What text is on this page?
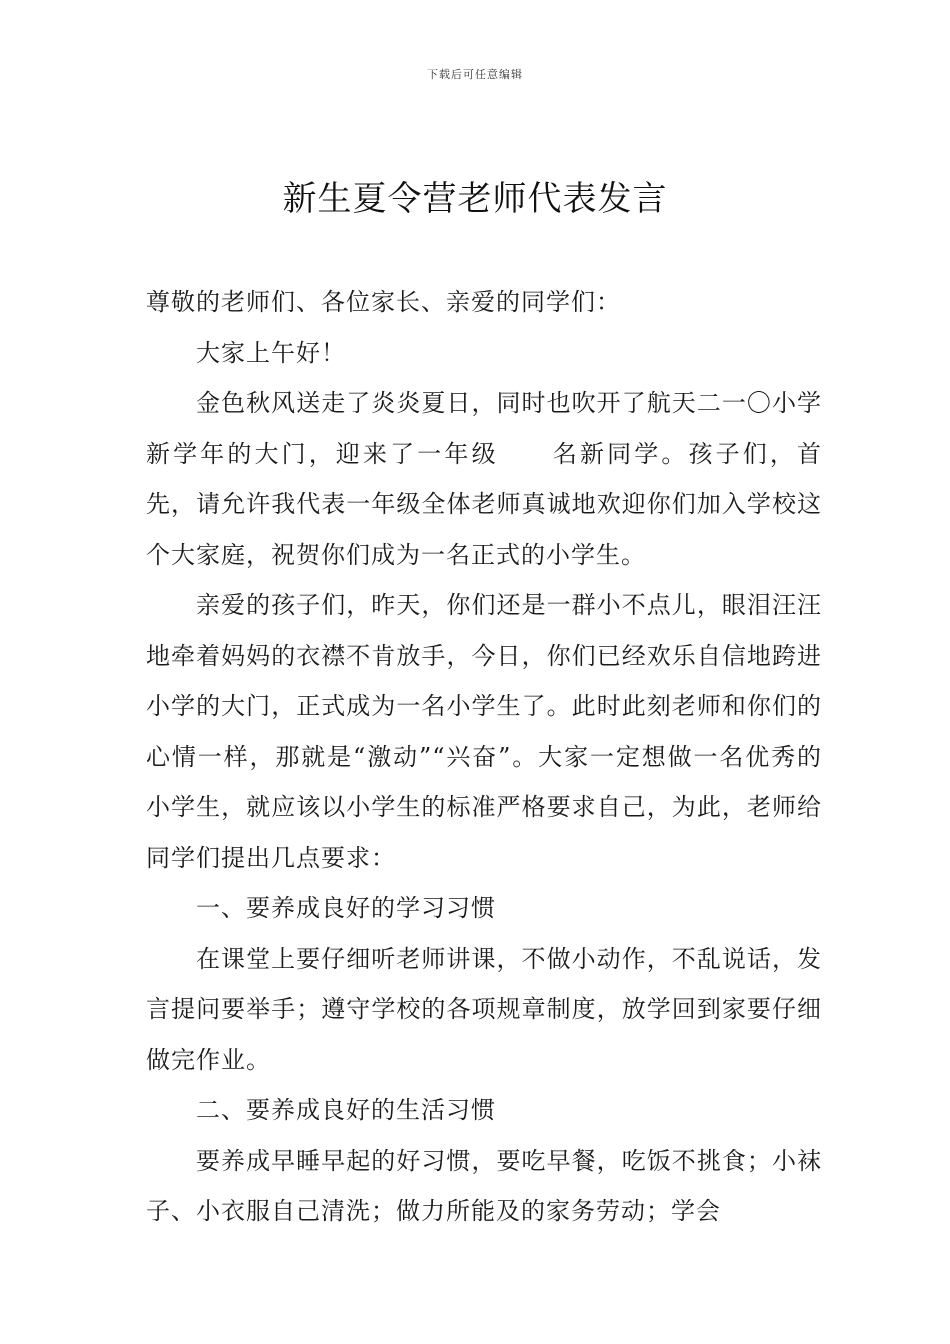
下载后可任意编辑
新生夏令营老师代表发言

尊敬的老师们、各位家长、亲爱的同学们：

大家上午好！

金色秋风送走了炎炎夏日，同时也吹开了航天二一〇小学新学年的大门，迎来了一年级 名新同学。孩子们，首先，请允许我代表一年级全体老师真诚地欢迎你们加入学校这个大家庭，祝贺你们成为一名正式的小学生。

亲爱的孩子们，昨天，你们还是一群小不点儿，眼泪汪汪地牵着妈妈的衣襟不肯放手，今日，你们已经欢乐自信地跨进小学的大门，正式成为一名小学生了。此时此刻老师和你们的心情一样，那就是“激动”“兴奋”。大家一定想做一名优秀的小学生，就应该以小学生的标准严格要求自己，为此，老师给同学们提出几点要求：

一、要养成良好的学习习惯

在课堂上要仔细听老师讲课，不做小动作，不乱说话，发言提问要举手；遵守学校的各项规章制度，放学回到家要仔细做完作业。

二、要养成良好的生活习惯

要养成早睡早起的好习惯，要吃早餐，吃饭不挑食；小袜子、小衣服自己清洗；做力所能及的家务劳动；学会
